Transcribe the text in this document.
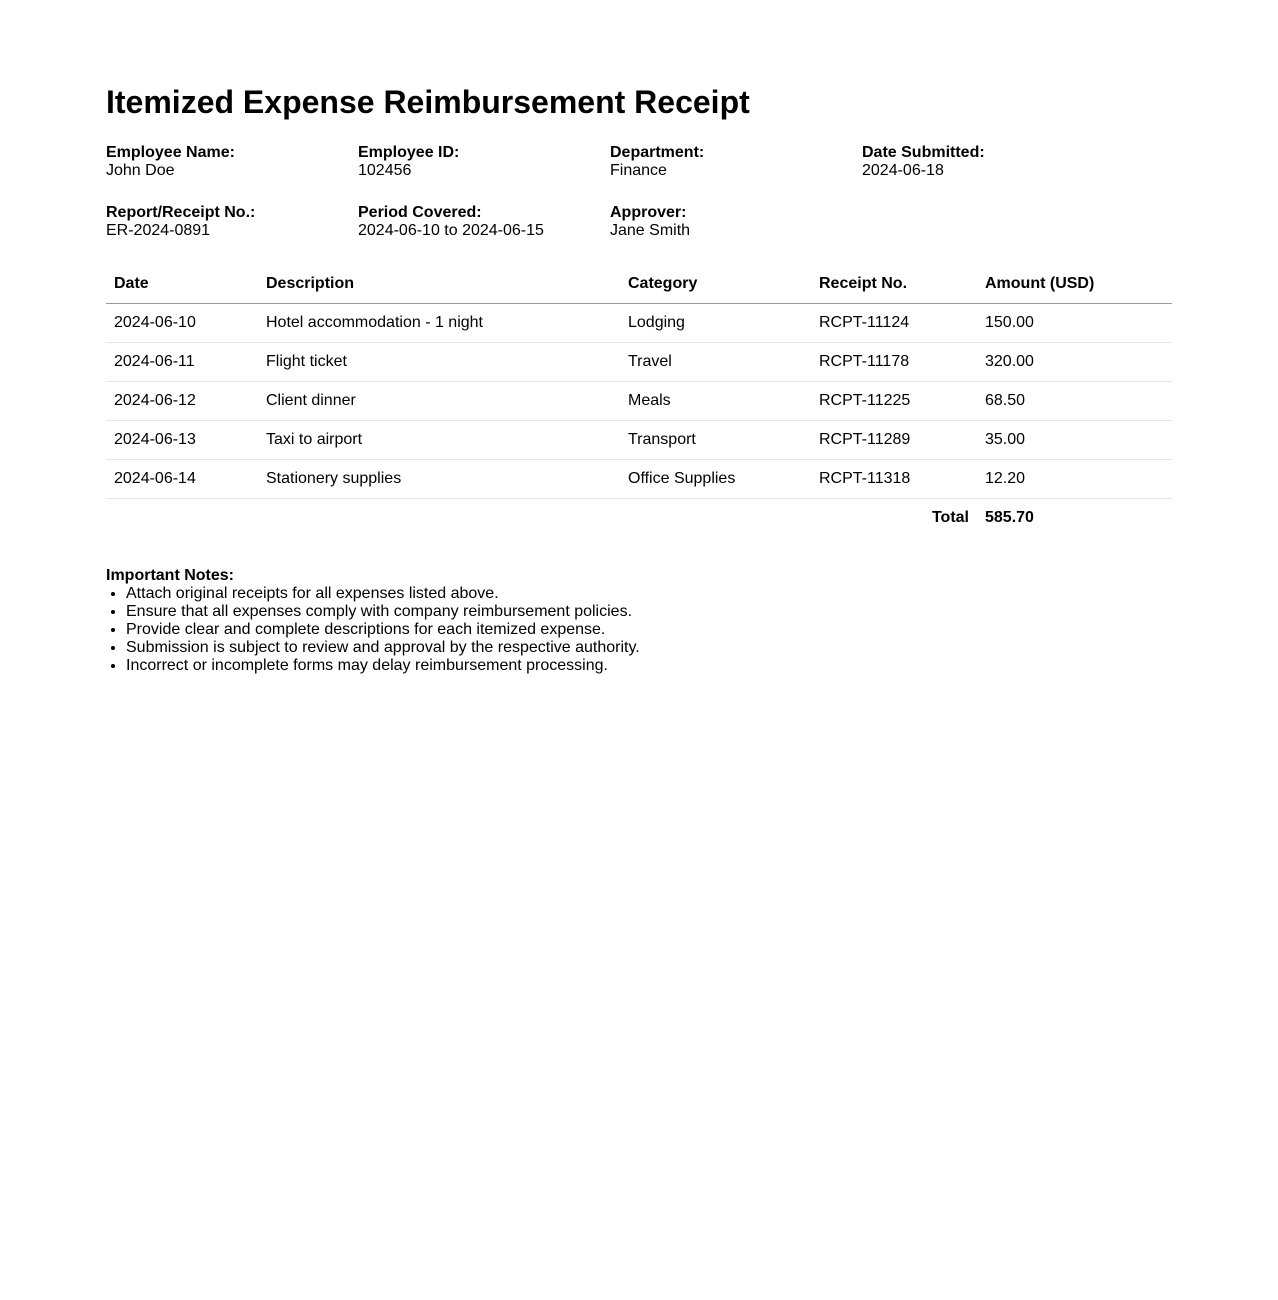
Itemized Expense Reimbursement Receipt
Employee Name:
John Doe
Employee ID:
102456
Department:
Finance
Date Submitted:
2024-06-18
Report/Receipt No.:
ER-2024-0891
Period Covered:
2024-06-10 to 2024-06-15
Approver:
Jane Smith
Date	Description	Category	Receipt No.	Amount (USD)
2024-06-10	Hotel accommodation - 1 night	Lodging	RCPT-11124	150.00
2024-06-11	Flight ticket	Travel	RCPT-11178	320.00
2024-06-12	Client dinner	Meals	RCPT-11225	68.50
2024-06-13	Taxi to airport	Transport	RCPT-11289	35.00
2024-06-14	Stationery supplies	Office Supplies	RCPT-11318	12.20
Total				585.70
Important Notes:
• Attach original receipts for all expenses listed above.
• Ensure that all expenses comply with company reimbursement policies.
• Provide clear and complete descriptions for each itemized expense.
• Submission is subject to review and approval by the respective authority.
• Incorrect or incomplete forms may delay reimbursement processing.
